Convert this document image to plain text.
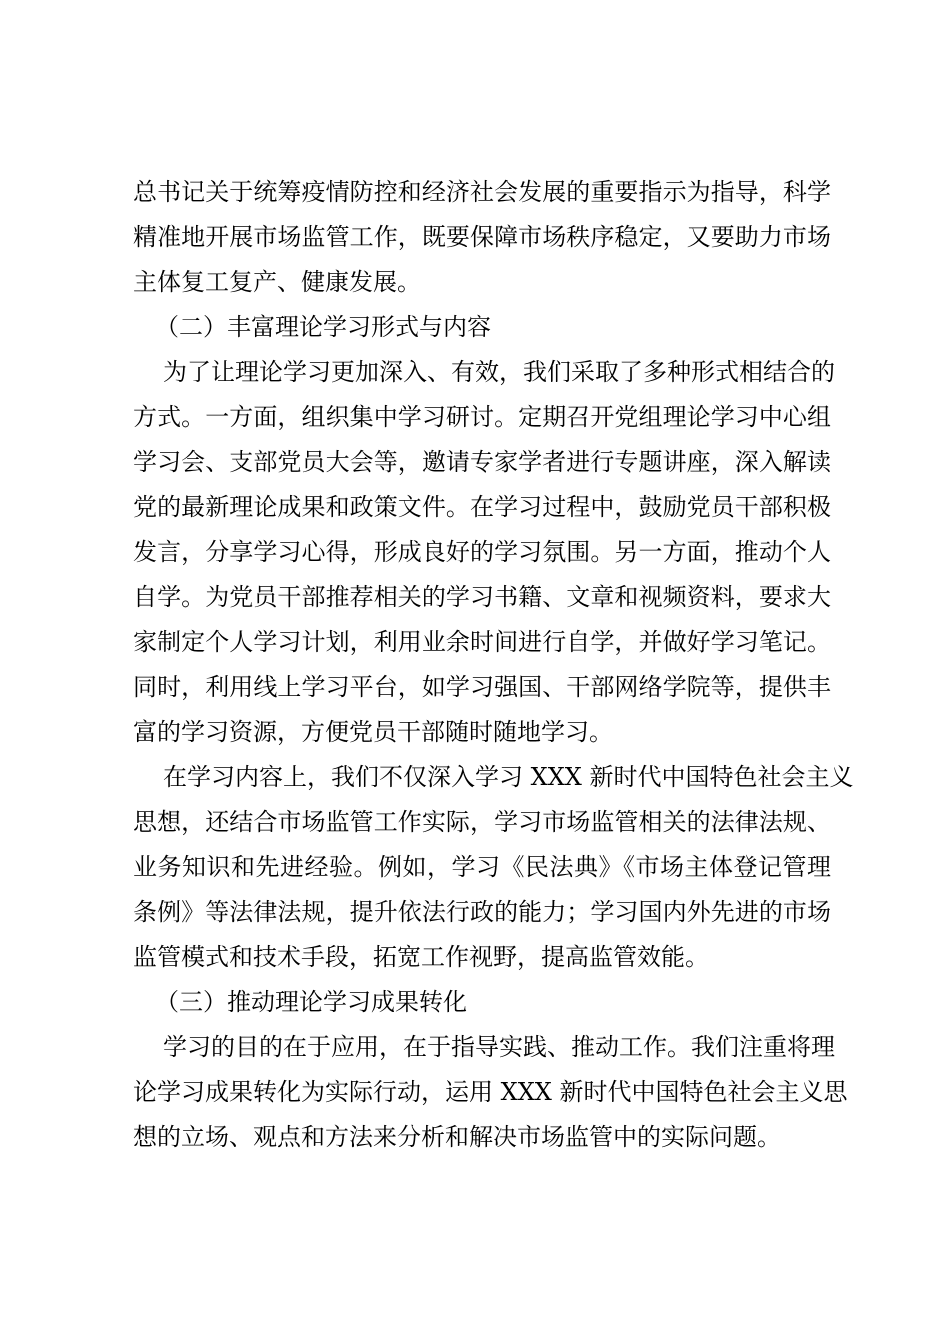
总书记关于统筹疫情防控和经济社会发展的重要指示为指导，科学
精准地开展市场监管工作，既要保障市场秩序稳定，又要助力市场
主体复工复产、健康发展。
（二）丰富理论学习形式与内容
为了让理论学习更加深入、有效，我们采取了多种形式相结合的
方式。一方面，组织集中学习研讨。定期召开党组理论学习中心组
学习会、支部党员大会等，邀请专家学者进行专题讲座，深入解读
党的最新理论成果和政策文件。在学习过程中，鼓励党员干部积极
发言，分享学习心得，形成良好的学习氛围。另一方面，推动个人
自学。为党员干部推荐相关的学习书籍、文章和视频资料，要求大
家制定个人学习计划，利用业余时间进行自学，并做好学习笔记。
同时，利用线上学习平台，如学习强国、干部网络学院等，提供丰
富的学习资源，方便党员干部随时随地学习。
在学习内容上，我们不仅深入学习 XXX 新时代中国特色社会主义
思想，还结合市场监管工作实际，学习市场监管相关的法律法规、
业务知识和先进经验。例如，学习《民法典》《市场主体登记管理
条例》等法律法规，提升依法行政的能力；学习国内外先进的市场
监管模式和技术手段，拓宽工作视野，提高监管效能。
（三）推动理论学习成果转化
学习的目的在于应用，在于指导实践、推动工作。我们注重将理
论学习成果转化为实际行动，运用 XXX 新时代中国特色社会主义思
想的立场、观点和方法来分析和解决市场监管中的实际问题。
